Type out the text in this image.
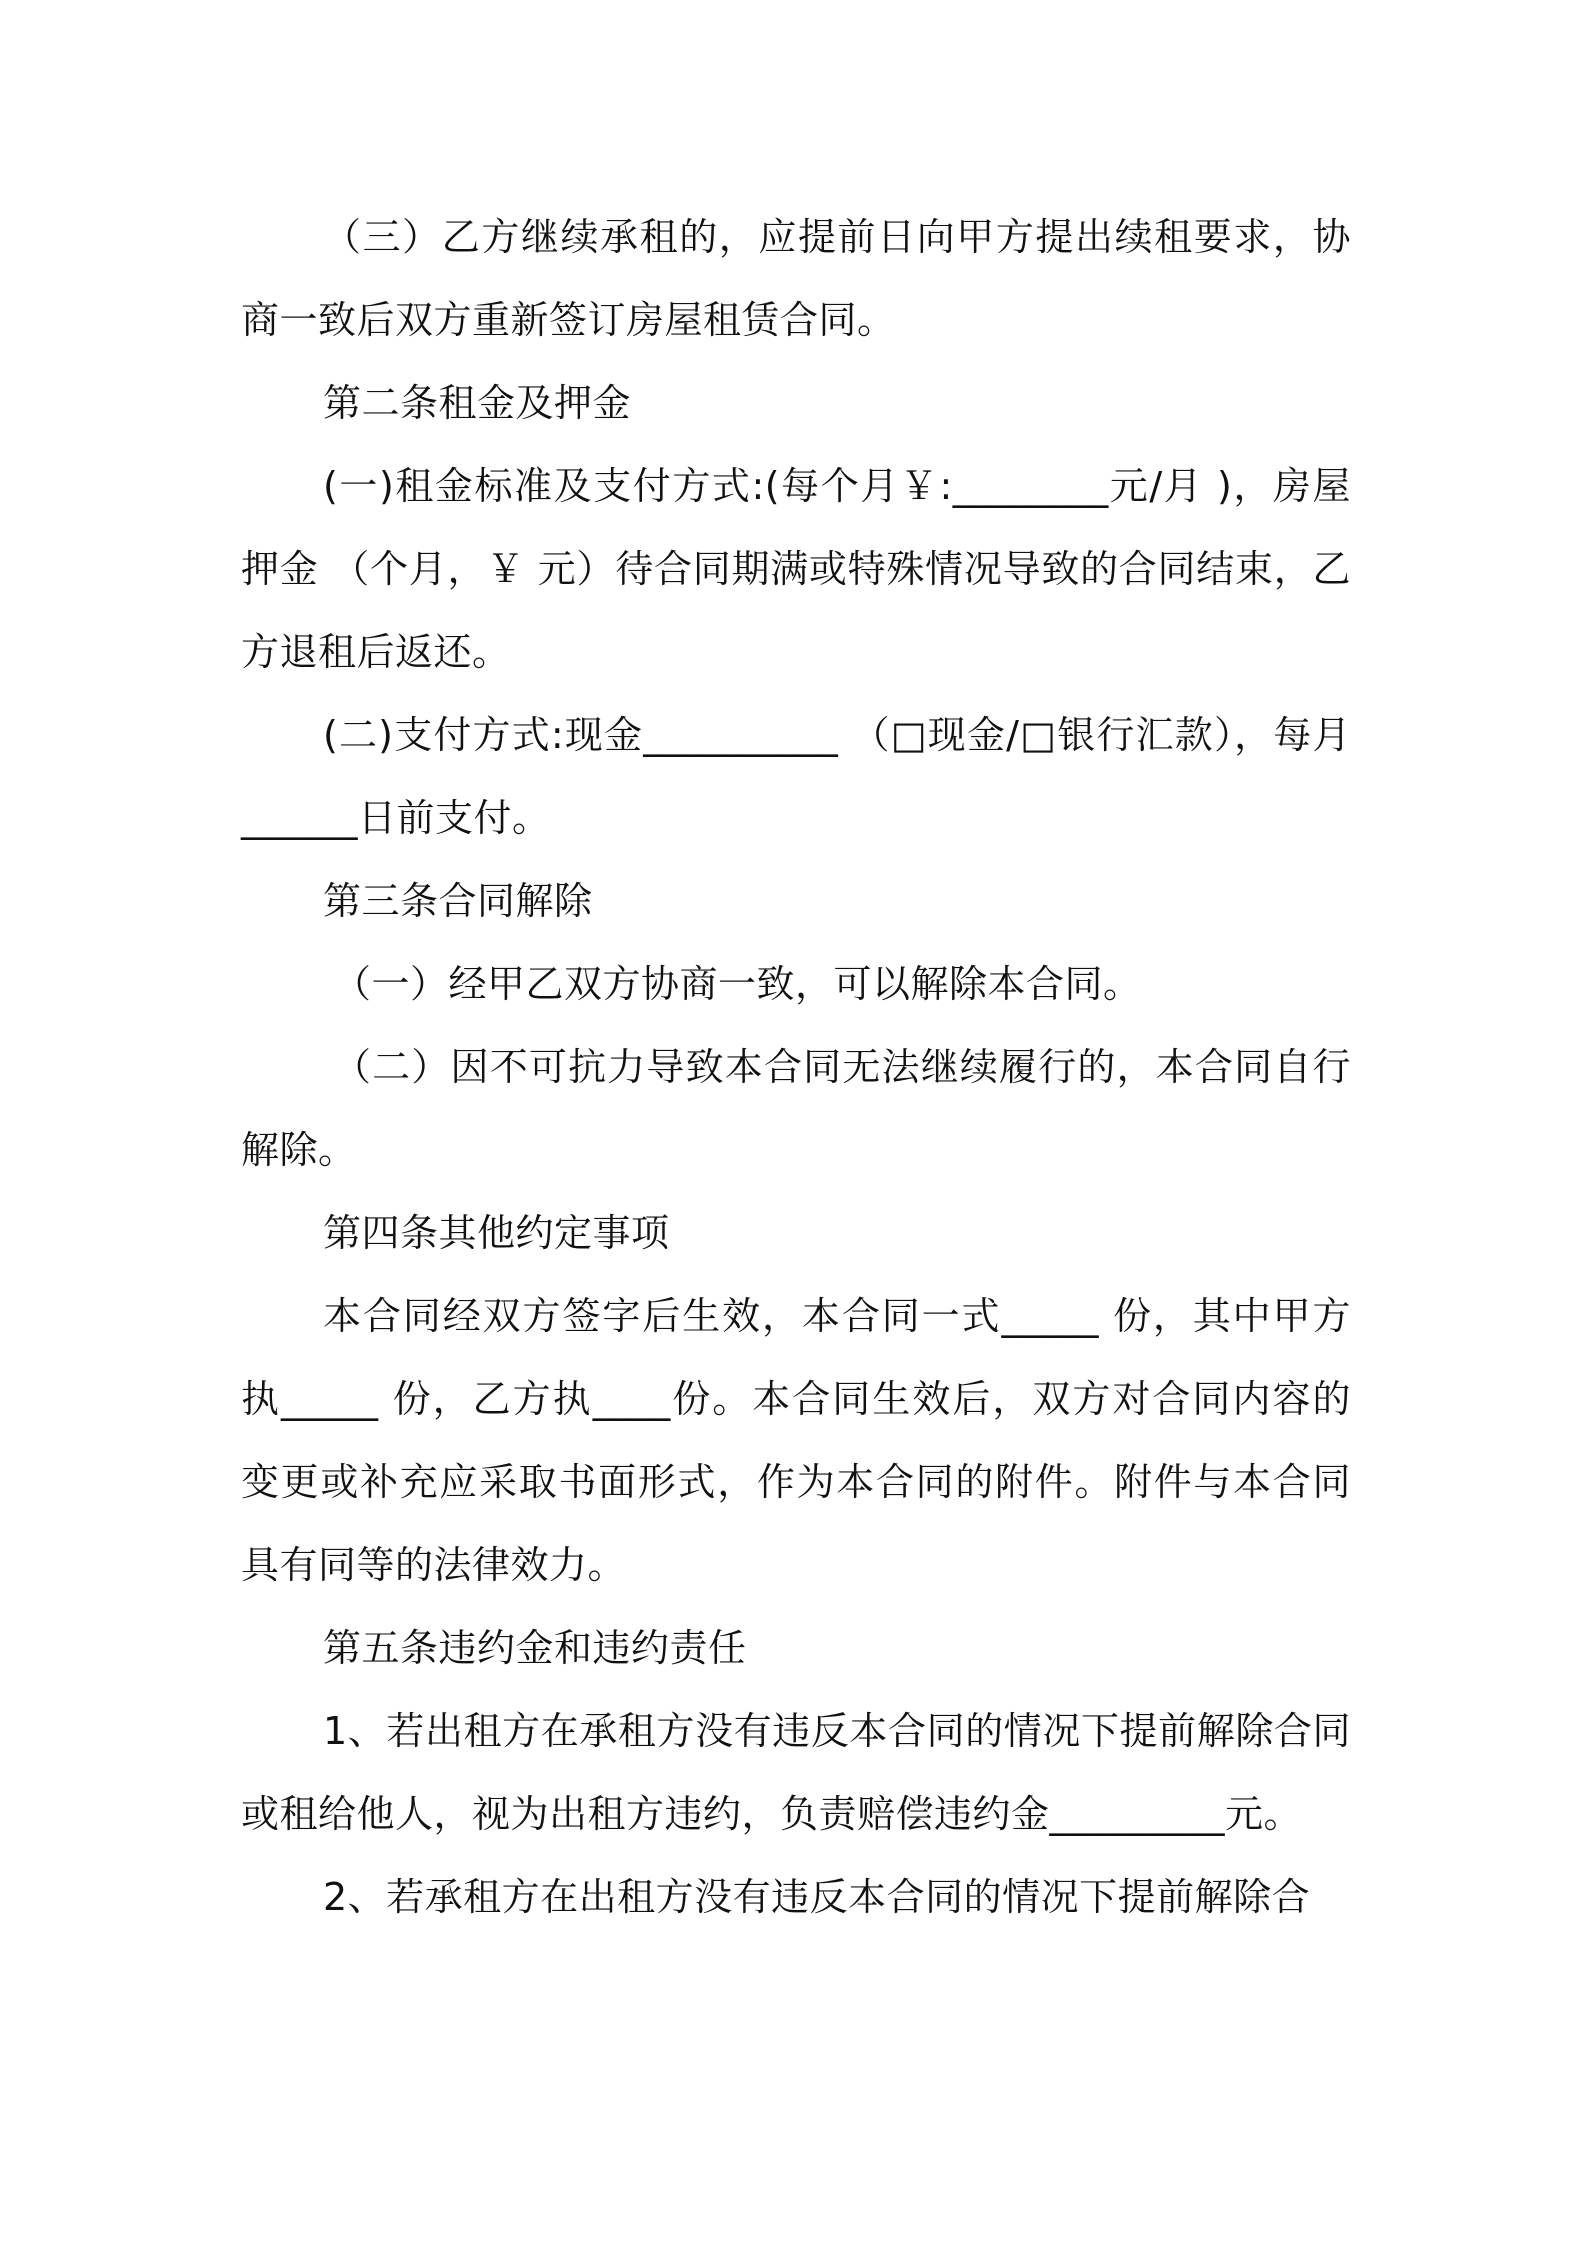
（三）乙方继续承租的，应提前日向甲方提出续租要求，协商一致后双方重新签订房屋租赁合同。

第二条租金及押金

(一)租金标准及支付方式:(每个月￥:________元/月 )，房屋押金 （个月，￥ 元）待合同期满或特殊情况导致的合同结束，乙方退租后返还。

(二)支付方式:现金__________ （□现金/□银行汇款），每月______日前支付。

第三条合同解除

（一）经甲乙双方协商一致，可以解除本合同。

（二）因不可抗力导致本合同无法继续履行的，本合同自行解除。

第四条其他约定事项

本合同经双方签字后生效，本合同一式_____ 份，其中甲方执_____ 份，乙方执____份。本合同生效后，双方对合同内容的变更或补充应采取书面形式，作为本合同的附件。附件与本合同具有同等的法律效力。

第五条违约金和违约责任

1、若出租方在承租方没有违反本合同的情况下提前解除合同或租给他人，视为出租方违约，负责赔偿违约金_________元。

2、若承租方在出租方没有违反本合同的情况下提前解除合
